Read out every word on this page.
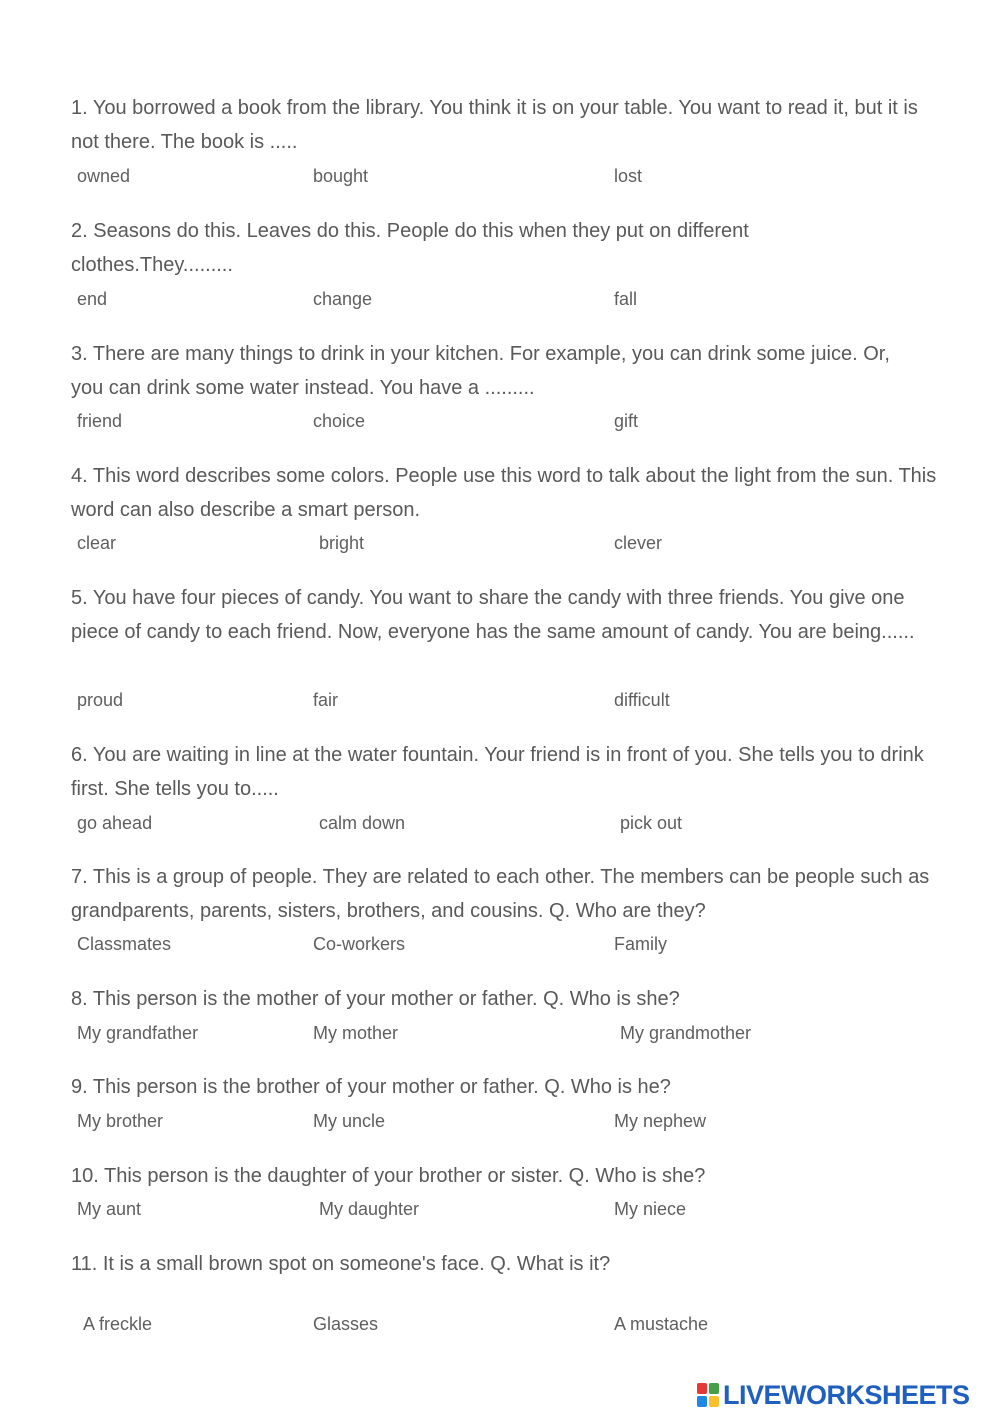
1. You borrowed a book from the library. You think it is on your table. You want to read it, but it is not there. The book is .....
owned	bought	lost
2. Seasons do this. Leaves do this. People do this when they put on different clothes.They.........
end	change	fall
3. There are many things to drink in your kitchen. For example, you can drink some juice. Or, you can drink some water instead. You have a .........
friend	choice	gift
4. This word describes some colors. People use this word to talk about the light from the sun. This word can also describe a smart person.
clear	bright	clever
5. You have four pieces of candy. You want to share the candy with three friends. You give one piece of candy to each friend. Now, everyone has the same amount of candy. You are being......
proud	fair	difficult
6. You are waiting in line at the water fountain. Your friend is in front of you. She tells you to drink first. She tells you to.....
go ahead	calm down	pick out
7. This is a group of people. They are related to each other. The members can be people such as grandparents, parents, sisters, brothers, and cousins. Q. Who are they?
Classmates	Co-workers	Family
8. This person is the mother of your mother or father. Q. Who is she?
My grandfather	My mother	My grandmother
9. This person is the brother of your mother or father. Q. Who is he?
My brother	My uncle	My nephew
10. This person is the daughter of your brother or sister. Q. Who is she?
My aunt	My daughter	My niece
11. It is a small brown spot on someone's face. Q. What is it?
A freckle	Glasses	A mustache
LIVEWORKSHEETS
